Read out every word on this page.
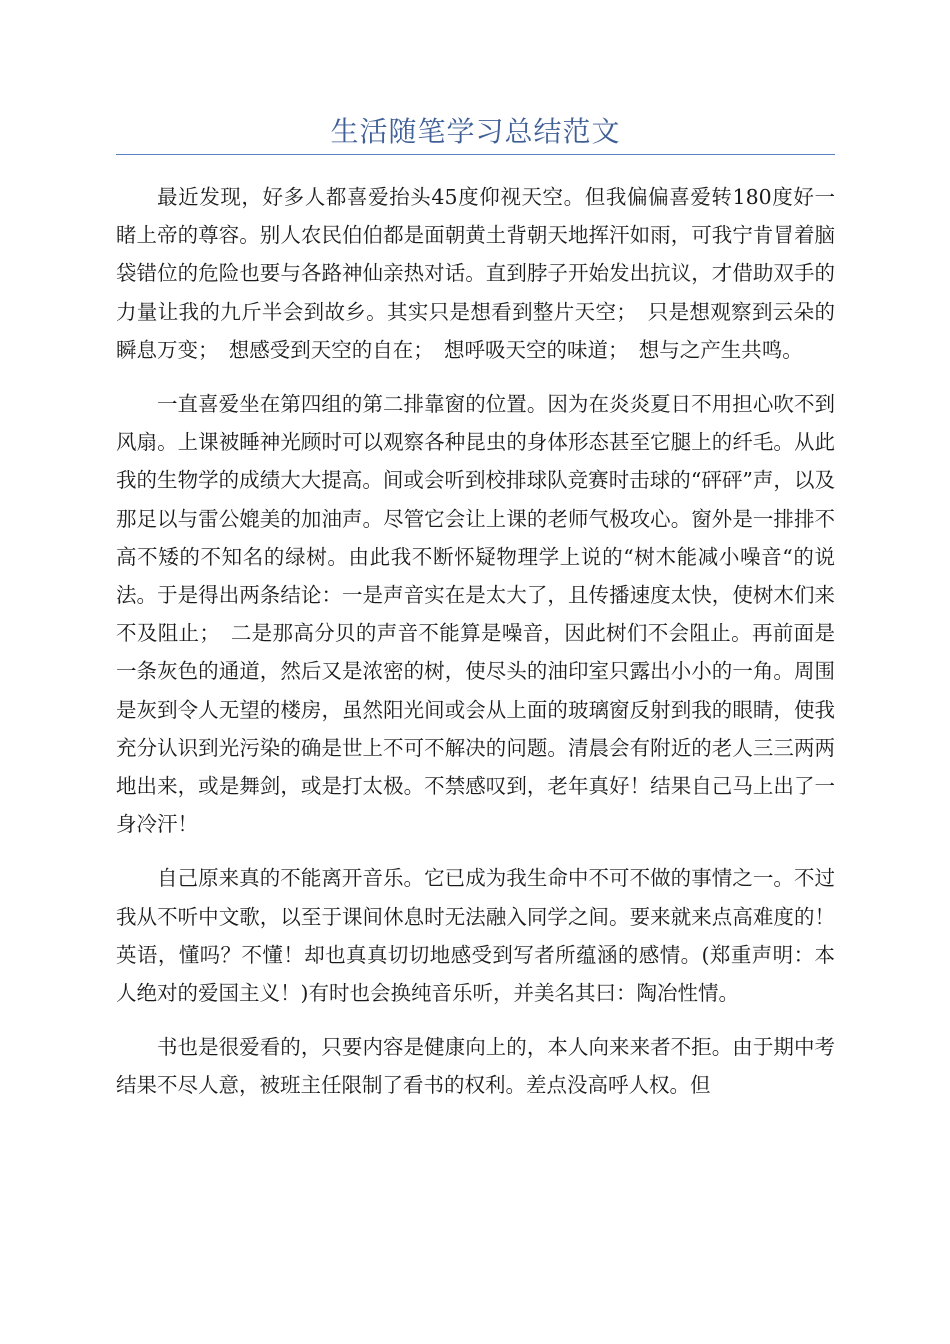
生活随笔学习总结范文

最近发现，好多人都喜爱抬头45度仰视天空。但我偏偏喜爱转180度好一睹上帝的尊容。别人农民伯伯都是面朝黄土背朝天地挥汗如雨，可我宁肯冒着脑袋错位的危险也要与各路神仙亲热对话。直到脖子开始发出抗议，才借助双手的力量让我的九斤半会到故乡。其实只是想看到整片天空；　只是想观察到云朵的瞬息万变；　想感受到天空的自在；　想呼吸天空的味道；　想与之产生共鸣。

一直喜爱坐在第四组的第二排靠窗的位置。因为在炎炎夏日不用担心吹不到风扇。上课被睡神光顾时可以观察各种昆虫的身体形态甚至它腿上的纤毛。从此我的生物学的成绩大大提高。间或会听到校排球队竞赛时击球的“砰砰”声，以及那足以与雷公媲美的加油声。尽管它会让上课的老师气极攻心。窗外是一排排不高不矮的不知名的绿树。由此我不断怀疑物理学上说的“树木能减小噪音“的说法。于是得出两条结论：一是声音实在是太大了，且传播速度太快，使树木们来不及阻止；　二是那高分贝的声音不能算是噪音，因此树们不会阻止。再前面是一条灰色的通道，然后又是浓密的树，使尽头的油印室只露出小小的一角。周围是灰到令人无望的楼房，虽然阳光间或会从上面的玻璃窗反射到我的眼睛，使我充分认识到光污染的确是世上不可不解决的问题。清晨会有附近的老人三三两两地出来，或是舞剑，或是打太极。不禁感叹到，老年真好！结果自己马上出了一身冷汗！

自己原来真的不能离开音乐。它已成为我生命中不可不做的事情之一。不过我从不听中文歌，以至于课间休息时无法融入同学之间。要来就来点高难度的！英语，懂吗？不懂！却也真真切切地感受到写者所蕴涵的感情。(郑重声明：本人绝对的爱国主义！)有时也会换纯音乐听，并美名其曰：陶冶性情。

书也是很爱看的，只要内容是健康向上的，本人向来来者不拒。由于期中考结果不尽人意，被班主任限制了看书的权利。差点没高呼人权。但
